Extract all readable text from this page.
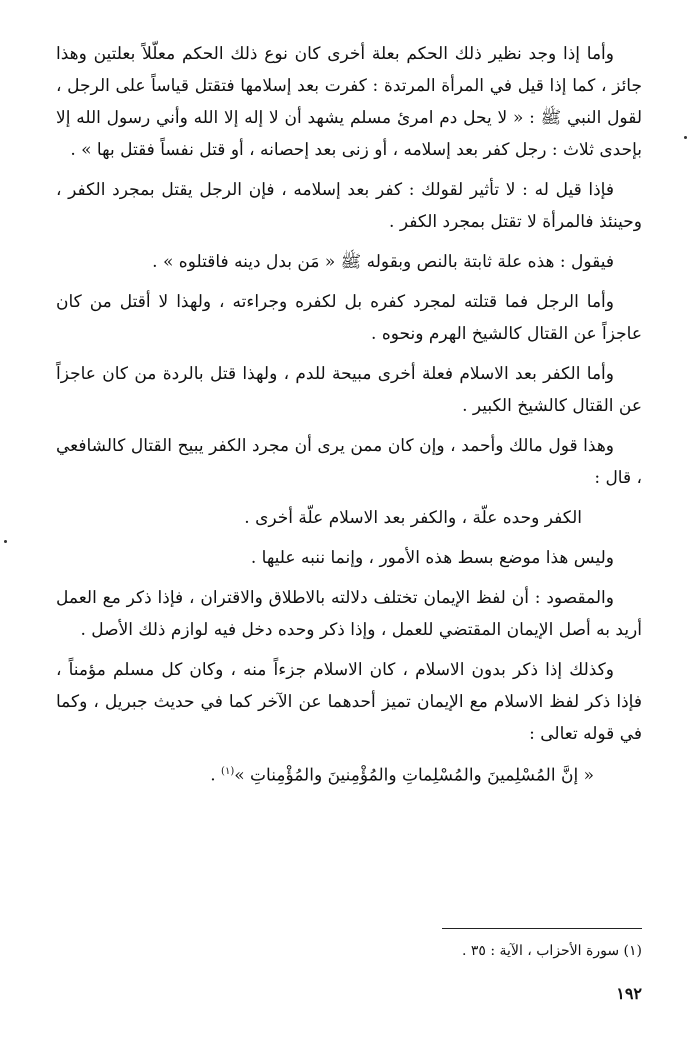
وأما إذا وجد نظير ذلك الحكم بعلة أخرى كان نوع ذلك الحكم معلّلاً بعلتين وهذا جائز ، كما إذا قيل في المرأة المرتدة : كفرت بعد إسلامها فتقتل قياساً على الرجل ، لقول النبي ﷺ : « لا يحل دم امرئ مسلم يشهد أن لا إله إلا الله وأني رسول الله إلا بإحدى ثلاث : رجل كفر بعد إسلامه ، أو زنى بعد إحصانه ، أو قتل نفساً فقتل بها » .

فإذا قيل له : لا تأثير لقولك : كفر بعد إسلامه ، فإن الرجل يقتل بمجرد الكفر ، وحينئذ فالمرأة لا تقتل بمجرد الكفر .

فيقول : هذه علة ثابتة بالنص وبقوله ﷺ « مَن بدل دينه فاقتلوه » .

وأما الرجل فما قتلته لمجرد كفره بل لكفره وجراءته ، ولهذا لا أقتل من كان عاجزاً عن القتال كالشيخ الهرم ونحوه .

وأما الكفر بعد الاسلام فعلة أخرى مبيحة للدم ، ولهذا قتل بالردة من كان عاجزاً عن القتال كالشيخ الكبير .

وهذا قول مالك وأحمد ، وإن كان ممن يرى أن مجرد الكفر يبيح القتال كالشافعي ، قال :

الكفر وحده علّة ، والكفر بعد الاسلام علّة أخرى .

وليس هذا موضع بسط هذه الأمور ، وإنما ننبه عليها .

والمقصود : أن لفظ الإيمان تختلف دلالته بالاطلاق والاقتران ، فإذا ذكر مع العمل أريد به أصل الإيمان المقتضي للعمل ، وإذا ذكر وحده دخل فيه لوازم ذلك الأصل .

وكذلك إذا ذكر بدون الاسلام ، كان الاسلام جزءاً منه ، وكان كل مسلم مؤمناً ، فإذا ذكر لفظ الاسلام مع الإيمان تميز أحدهما عن الآخر كما في حديث جبريل ، وكما في قوله تعالى :

« إنَّ المُسْلِمينَ والمُسْلِماتِ والمُؤْمِنينَ والمُؤْمِناتِ »$^{(١)}$ .

(١) سورة الأحزاب ، الآية : ٣٥ .
١٩٢
